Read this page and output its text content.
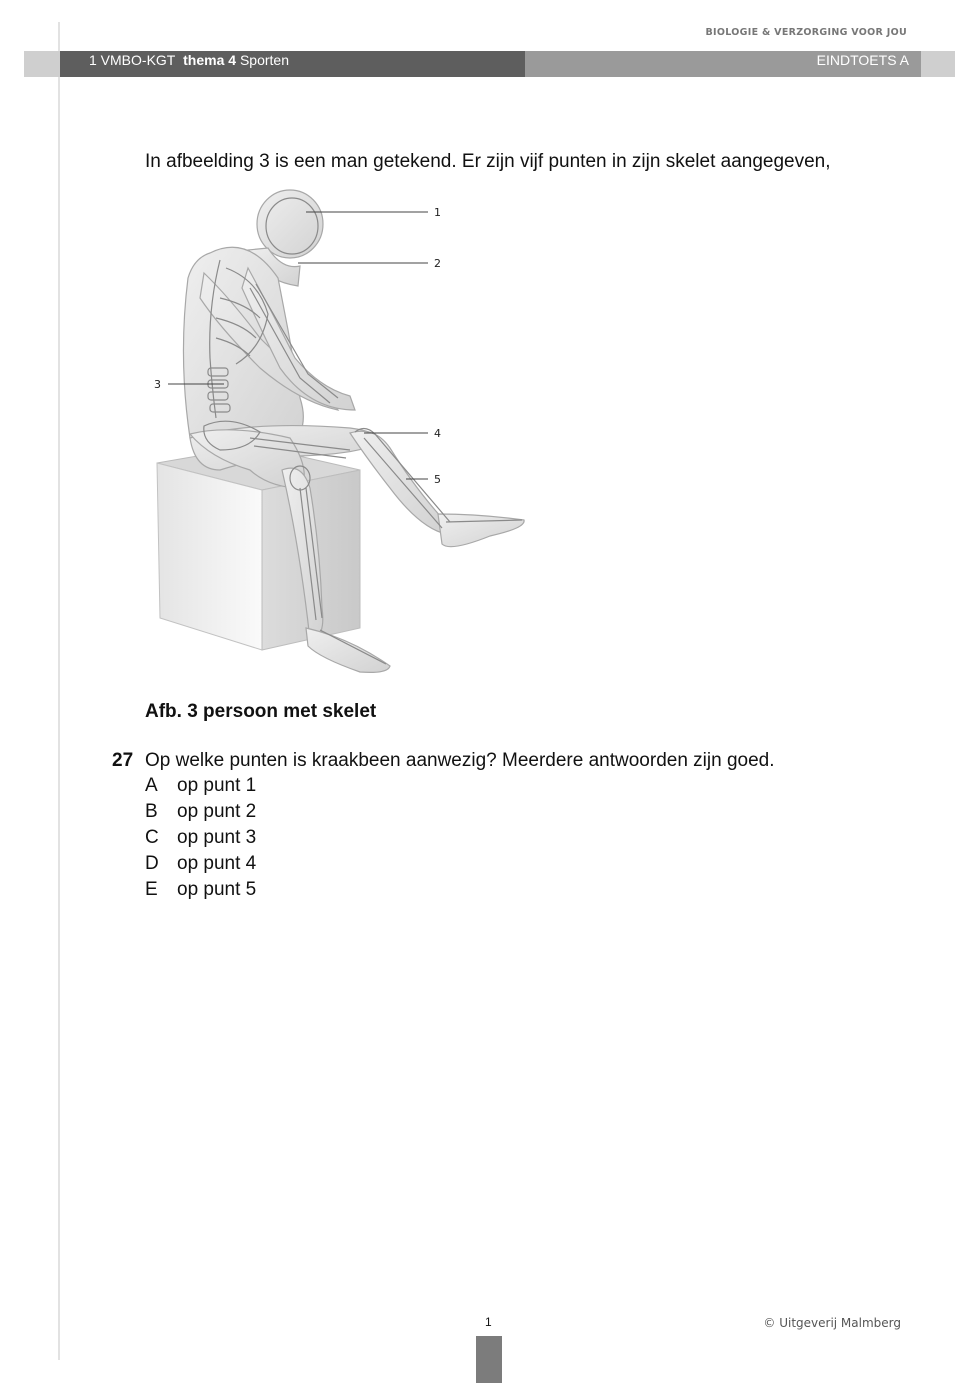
BIOLOGIE & VERZORGING VOOR JOU
1 VMBO-KGT thema 4 Sporten	EINDTOETS A
In afbeelding 3 is een man getekend. Er zijn vijf punten in zijn skelet aangegeven,
1
2
3
4
5
Afb. 3 persoon met skelet
27 Op welke punten is kraakbeen aanwezig? Meerdere antwoorden zijn goed.
A op punt 1
B op punt 2
C op punt 3
D op punt 4
E op punt 5
1	© Uitgeverij Malmberg
